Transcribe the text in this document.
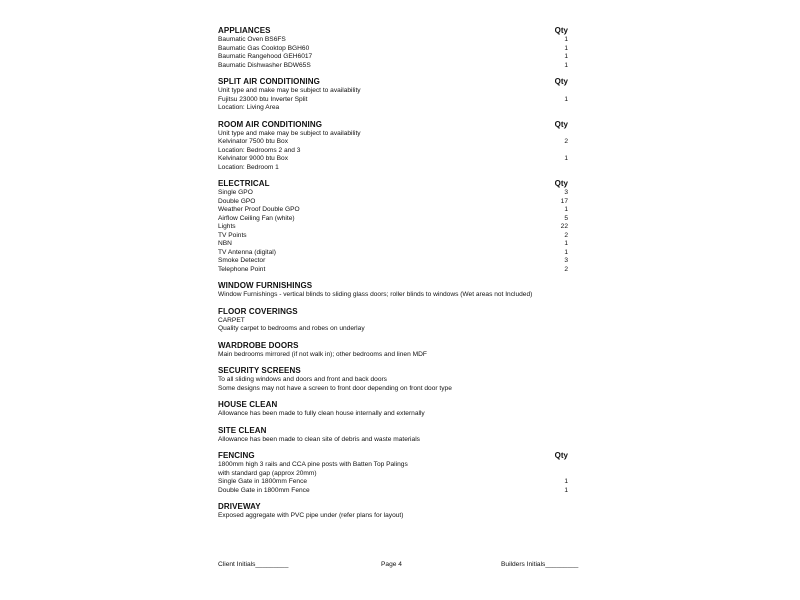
APPLIANCES	Qty
Baumatic Oven BS6FS	1
Baumatic Gas Cooktop BGH60	1
Baumatic Rangehood GEH6017	1
Baumatic Dishwasher BDW65S	1
SPLIT AIR CONDITIONING	Qty
Unit type and make may be subject to availability
Fujitsu 23000 btu Inverter Split	1
Location: Living Area
ROOM AIR CONDITIONING	Qty
Unit type and make may be subject to availability
Kelvinator 7500 btu Box	2
Location: Bedrooms 2 and 3
Kelvinator 9000 btu Box	1
Location: Bedroom 1
ELECTRICAL	Qty
Single GPO	3
Double GPO	17
Weather Proof Double GPO	1
Airflow Ceiling Fan (white)	5
Lights	22
TV Points	2
NBN	1
TV Antenna (digital)	1
Smoke Detector	3
Telephone Point	2
WINDOW FURNISHINGS
Window Furnishings - vertical blinds to sliding glass doors; roller blinds to windows (Wet areas not Included)
FLOOR COVERINGS
CARPET
Quality carpet to bedrooms and robes on underlay
WARDROBE DOORS
Main bedrooms mirrored (if not walk in); other bedrooms and linen MDF
SECURITY SCREENS
To all sliding windows and doors and front and back doors
Some designs may not have a screen to front door depending on front door type
HOUSE CLEAN
Allowance has been made to fully clean house internally and externally
SITE CLEAN
Allowance has been made to clean site of debris and waste materials
FENCING	Qty
1800mm high 3 rails and CCA pine posts with Batten Top Palings
with standard gap (approx 20mm)
Single Gate in 1800mm Fence	1
Double Gate in 1800mm Fence	1
DRIVEWAY
Exposed aggregate with PVC pipe under (refer plans for layout)
Client Initials_________	Page 4	Builders Initials_________
